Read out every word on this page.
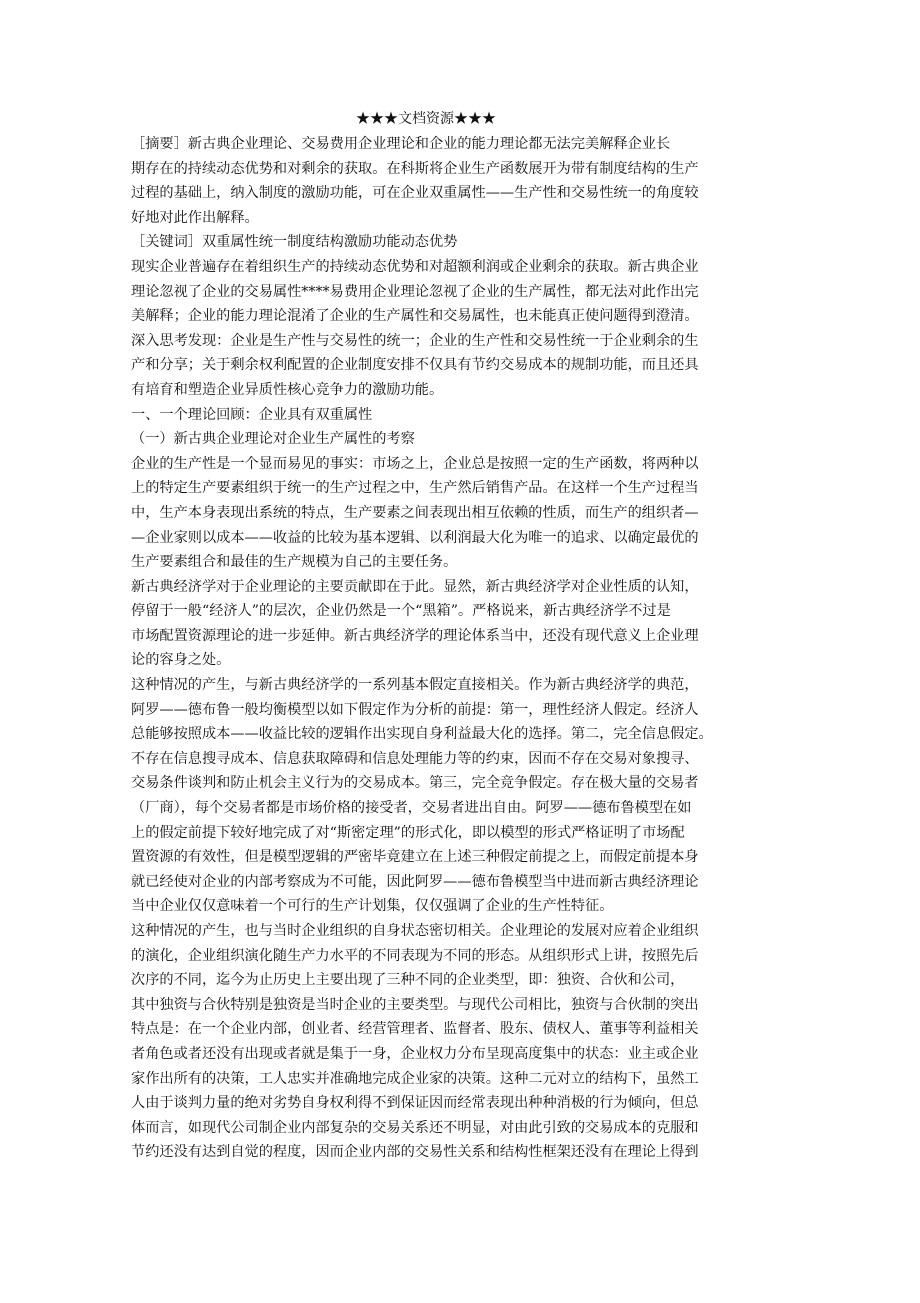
★★★文档资源★★★

［摘要］新古典企业理论、交易费用企业理论和企业的能力理论都无法完美解释企业长

期存在的持续动态优势和对剩余的获取。在科斯将企业生产函数展开为带有制度结构的生产

过程的基础上，纳入制度的激励功能，可在企业双重属性——生产性和交易性统一的角度较

好地对此作出解释。

［关键词］双重属性统一制度结构激励功能动态优势

现实企业普遍存在着组织生产的持续动态优势和对超额利润或企业剩余的获取。新古典企业

理论忽视了企业的交易属性****易费用企业理论忽视了企业的生产属性，都无法对此作出完

美解释；企业的能力理论混淆了企业的生产属性和交易属性，也未能真正使问题得到澄清。

深入思考发现：企业是生产性与交易性的统一；企业的生产性和交易性统一于企业剩余的生

产和分享；关于剩余权利配置的企业制度安排不仅具有节约交易成本的规制功能，而且还具

有培育和塑造企业异质性核心竞争力的激励功能。

一、一个理论回顾：企业具有双重属性

（一）新古典企业理论对企业生产属性的考察

企业的生产性是一个显而易见的事实：市场之上，企业总是按照一定的生产函数，将两种以

上的特定生产要素组织于统一的生产过程之中，生产然后销售产品。在这样一个生产过程当

中，生产本身表现出系统的特点，生产要素之间表现出相互依赖的性质，而生产的组织者—

—企业家则以成本——收益的比较为基本逻辑、以利润最大化为唯一的追求、以确定最优的

生产要素组合和最佳的生产规模为自己的主要任务。

新古典经济学对于企业理论的主要贡献即在于此。显然，新古典经济学对企业性质的认知，

停留于一般“经济人”的层次，企业仍然是一个“黑箱”。严格说来，新古典经济学不过是

市场配置资源理论的进一步延伸。新古典经济学的理论体系当中，还没有现代意义上企业理

论的容身之处。

这种情况的产生，与新古典经济学的一系列基本假定直接相关。作为新古典经济学的典范，

阿罗——德布鲁一般均衡模型以如下假定作为分析的前提：第一，理性经济人假定。经济人

总能够按照成本——收益比较的逻辑作出实现自身利益最大化的选择。第二，完全信息假定。

不存在信息搜寻成本、信息获取障碍和信息处理能力等的约束，因而不存在交易对象搜寻、

交易条件谈判和防止机会主义行为的交易成本。第三，完全竞争假定。存在极大量的交易者

（厂商），每个交易者都是市场价格的接受者，交易者进出自由。阿罗——德布鲁模型在如

上的假定前提下较好地完成了对“斯密定理”的形式化，即以模型的形式严格证明了市场配

置资源的有效性，但是模型逻辑的严密毕竟建立在上述三种假定前提之上，而假定前提本身

就已经使对企业的内部考察成为不可能，因此阿罗——德布鲁模型当中进而新古典经济理论

当中企业仅仅意味着一个可行的生产计划集，仅仅强调了企业的生产性特征。

这种情况的产生，也与当时企业组织的自身状态密切相关。企业理论的发展对应着企业组织

的演化，企业组织演化随生产力水平的不同表现为不同的形态。从组织形式上讲，按照先后

次序的不同，迄今为止历史上主要出现了三种不同的企业类型，即：独资、合伙和公司，

其中独资与合伙特别是独资是当时企业的主要类型。与现代公司相比，独资与合伙制的突出

特点是：在一个企业内部，创业者、经营管理者、监督者、股东、债权人、董事等利益相关

者角色或者还没有出现或者就是集于一身，企业权力分布呈现高度集中的状态：业主或企业

家作出所有的决策，工人忠实并准确地完成企业家的决策。这种二元对立的结构下，虽然工

人由于谈判力量的绝对劣势自身权利得不到保证因而经常表现出种种消极的行为倾向，但总

体而言，如现代公司制企业内部复杂的交易关系还不明显，对由此引致的交易成本的克服和

节约还没有达到自觉的程度，因而企业内部的交易性关系和结构性框架还没有在理论上得到
